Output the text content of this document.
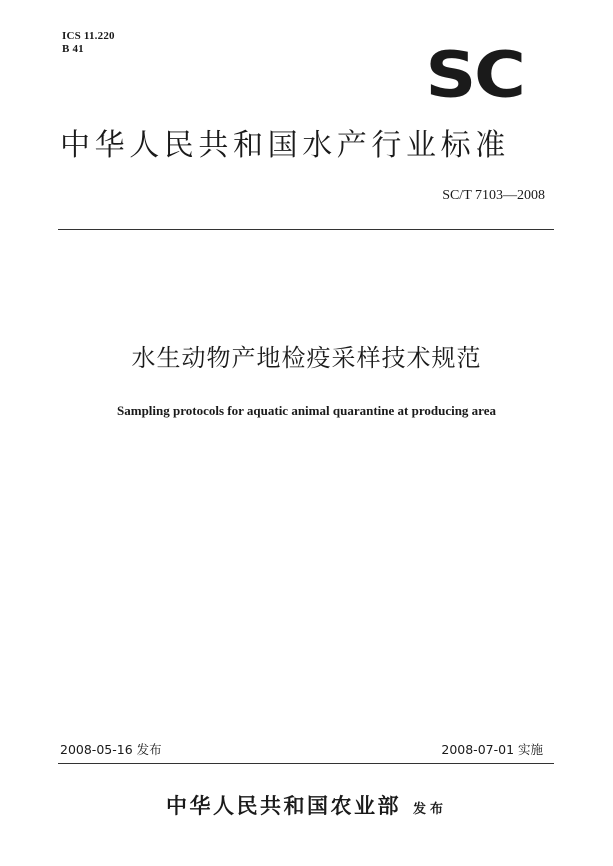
ICS 11.220
B 41	SC
中华人民共和国水产行业标准
SC/T 7103—2008
水生动物产地检疫采样技术规范
Sampling protocols for aquatic animal quarantine at producing area
2008-05-16 发布	2008-07-01 实施
中华人民共和国农业部 发布
